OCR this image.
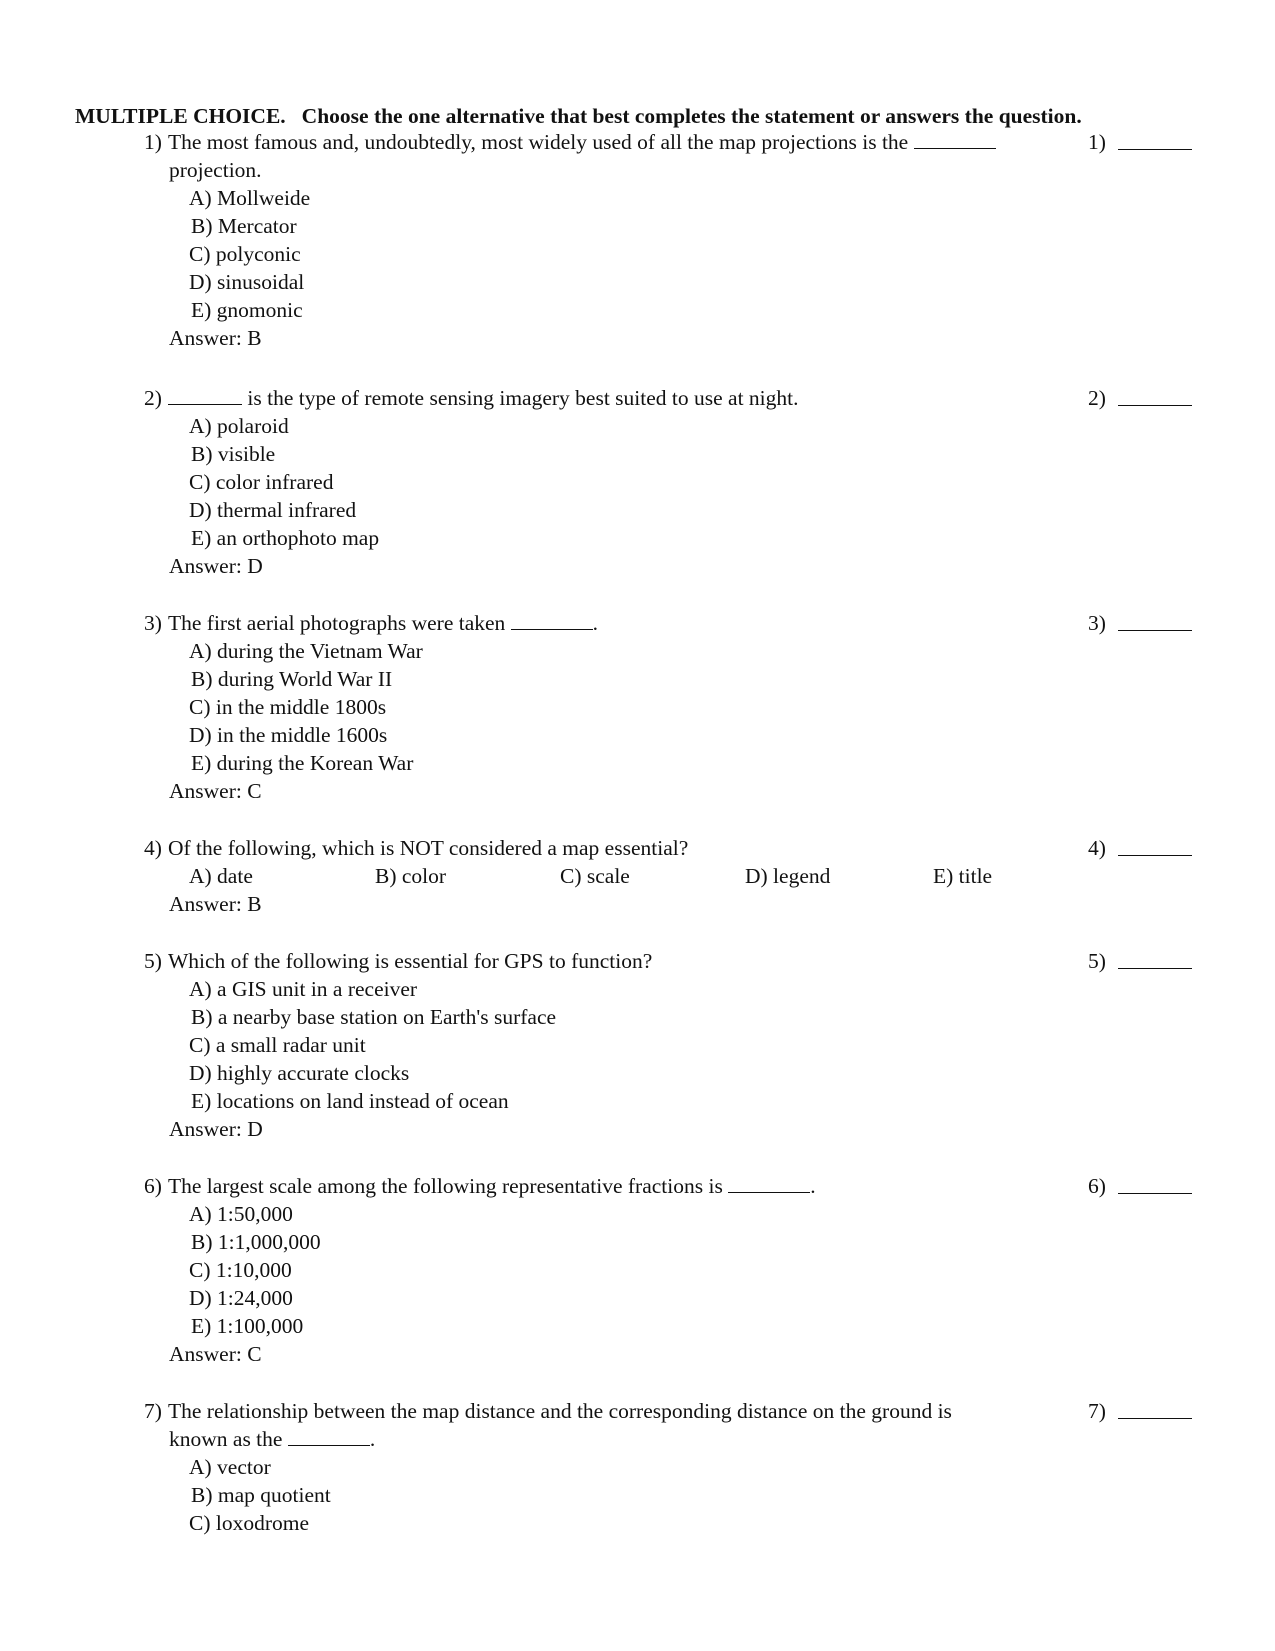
MULTIPLE CHOICE. Choose the one alternative that best completes the statement or answers the question.
1) The most famous and, undoubtedly, most widely used of all the map projections is the
projection.
1)
A) Mollweide
B) Mercator
C) polyconic
D) sinusoidal
E) gnomonic
Answer: B
2)	is the type of remote sensing imagery best suited to use at night.	2)
A) polaroid
B) visible
C) color infrared
D) thermal infrared
E) an orthophoto map
Answer: D
3) The first aerial photographs were taken	.	3)
A) during the Vietnam War
B) during World War II
C) in the middle 1800s
D) in the middle 1600s
E) during the Korean War
Answer: C
4) Of the following, which is NOT considered a map essential?	4)
A) date	B) color	C) scale	D) legend	E) title
Answer: B
5) Which of the following is essential for GPS to function?	5)
A) a GIS unit in a receiver
B) a nearby base station on Earth's surface
C) a small radar unit
D) highly accurate clocks
E) locations on land instead of ocean
Answer: D
6) The largest scale among the following representative fractions is	.	6)
A) 1:50,000
B) 1:1,000,000
C) 1:10,000
D) 1:24,000
E) 1:100,000
Answer: C
7) The relationship between the map distance and the corresponding distance on the ground is
known as the	.
7)
A) vector
B) map quotient
C) loxodrome
